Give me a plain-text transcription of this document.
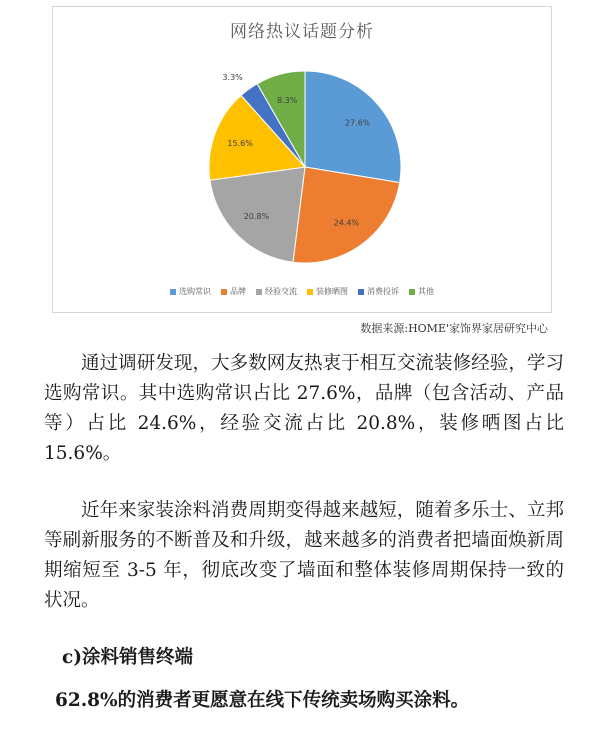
网络热议话题分析
27.6%
24.4%
20.8%
15.6%
3.3%
8.3%
选购常识 品牌 经验交流 装修晒图 消费投诉 其他
数据来源:HOME'家饰界家居研究中心

通过调研发现，大多数网友热衷于相互交流装修经验，学习选购常识。其中选购常识占比 27.6%，品牌（包含活动、产品等）占比 24.6%，经验交流占比 20.8%，装修晒图占比 15.6%。

近年来家装涂料消费周期变得越来越短，随着多乐士、立邦等刷新服务的不断普及和升级，越来越多的消费者把墙面焕新周期缩短至 3-5 年，彻底改变了墙面和整体装修周期保持一致的状况。

c)涂料销售终端

62.8%的消费者更愿意在线下传统卖场购买涂料。
